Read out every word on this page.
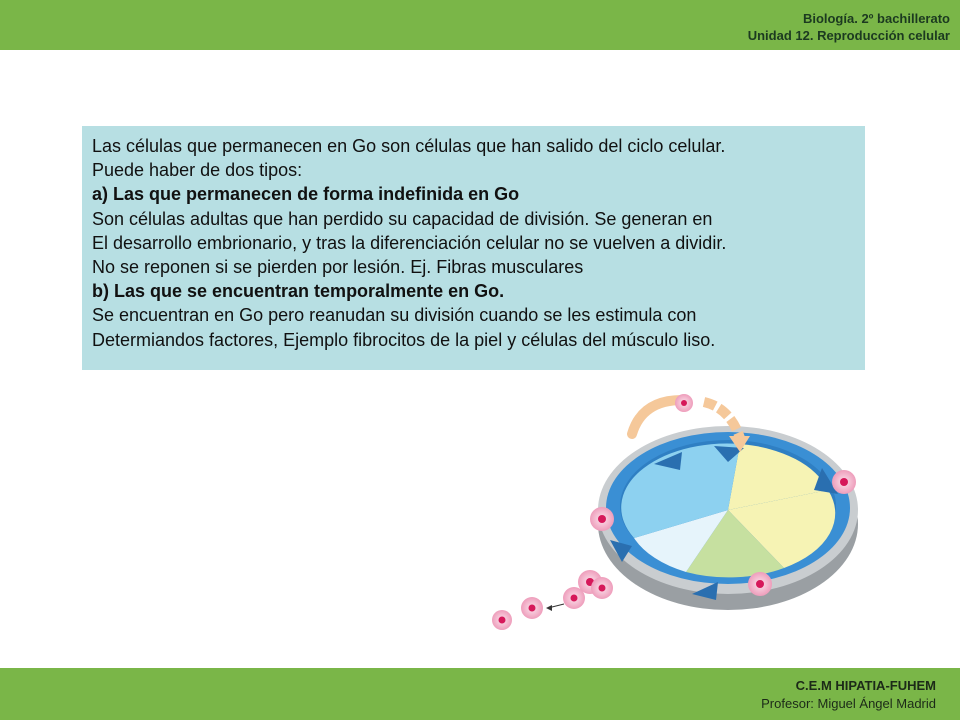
Biología. 2º bachillerato
Unidad 12. Reproducción celular

Las células que permanecen en Go son células que han salido del ciclo celular.

Puede haber de dos tipos:

a) Las que permanecen de forma indefinida en Go

Son células adultas que han perdido su capacidad de división. Se generan en

El desarrollo embrionario, y tras la diferenciación celular no se vuelven a dividir.

No se reponen si se pierden por lesión. Ej. Fibras musculares

b) Las que se encuentran temporalmente en Go.

Se encuentran en Go pero reanudan su división cuando se les estimula con

Determiandos factores, Ejemplo fibrocitos de la piel y células del músculo liso.

C.E.M HIPATIA-FUHEM
Profesor: Miguel Ángel Madrid
